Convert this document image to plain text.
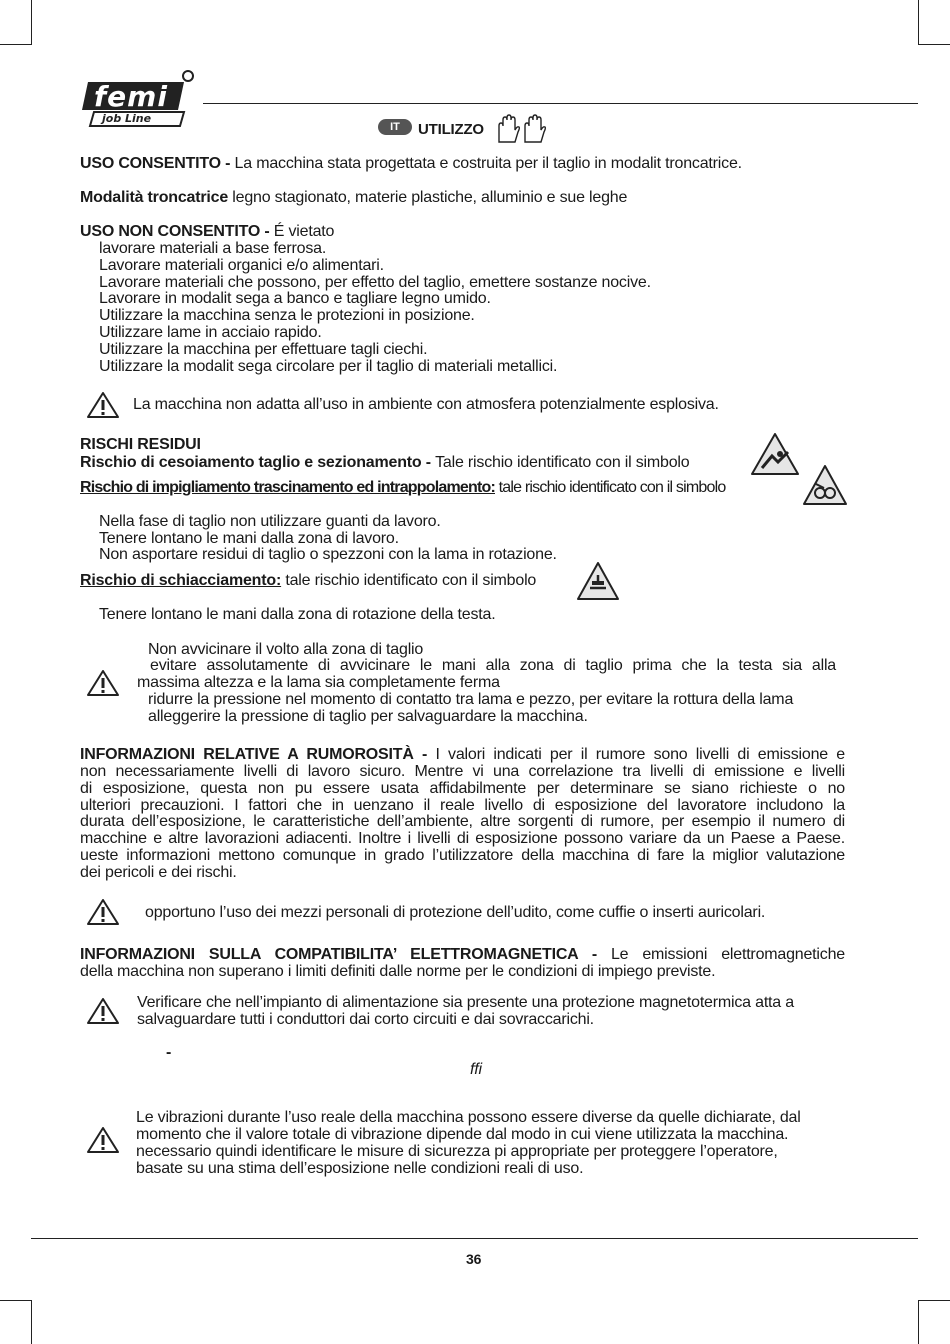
femi
job Line
IT	UTILIZZO
USO CONSENTITO - La macchina stata progettata e costruita per il taglio in modalit troncatrice.
Modalità troncatrice legno stagionato, materie plastiche, alluminio e sue leghe
USO NON CONSENTITO - É vietato
lavorare materiali a base ferrosa.
Lavorare materiali organici e/o alimentari.
Lavorare materiali che possono, per effetto del taglio, emettere sostanze nocive.
Lavorare in modalit sega a banco e tagliare legno umido.
Utilizzare la macchina senza le protezioni in posizione.
Utilizzare lame in acciaio rapido.
Utilizzare la macchina per effettuare tagli ciechi.
Utilizzare la modalit sega circolare per il taglio di materiali metallici.
La macchina non adatta all’uso in ambiente con atmosfera potenzialmente esplosiva.
RISCHI RESIDUI
Rischio di cesoiamento taglio e sezionamento - Tale rischio identificato con il simbolo
Rischio di impigliamento trascinamento ed intrappolamento: tale rischio identificato con il simbolo
Nella fase di taglio non utilizzare guanti da lavoro.
Tenere lontano le mani dalla zona di lavoro.
Non asportare residui di taglio o spezzoni con la lama in rotazione.
Rischio di schiacciamento: tale rischio identificato con il simbolo
Tenere lontano le mani dalla zona di rotazione della testa.
Non avvicinare il volto alla zona di taglio
evitare assolutamente di avvicinare le mani alla zona di taglio prima che la testa sia alla
massima altezza e la lama sia completamente ferma
ridurre la pressione nel momento di contatto tra lama e pezzo, per evitare la rottura della lama
alleggerire la pressione di taglio per salvaguardare la macchina.
INFORMAZIONI RELATIVE A RUMOROSITÀ - I valori indicati per il rumore sono livelli di emissione e
non necessariamente livelli di lavoro sicuro. Mentre vi una correlazione tra livelli di emissione e livelli
di esposizione, questa non pu essere usata affidabilmente per determinare se siano richieste o no
ulteriori precauzioni. I fattori che in uenzano il reale livello di esposizione del lavoratore includono la
durata dell’esposizione, le caratteristiche dell’ambiente, altre sorgenti di rumore, per esempio il numero di
macchine e altre lavorazioni adiacenti. Inoltre i livelli di esposizione possono variare da un Paese a Paese.
ueste informazioni mettono comunque in grado l’utilizzatore della macchina di fare la miglior valutazione
dei pericoli e dei rischi.
opportuno l’uso dei mezzi personali di protezione dell’udito, come cuffie o inserti auricolari.
INFORMAZIONI SULLA COMPATIBILITA’ ELETTROMAGNETICA - Le emissioni elettromagnetiche
della macchina non superano i limiti definiti dalle norme per le condizioni di impiego previste.
Verificare che nell’impianto di alimentazione sia presente una protezione magnetotermica atta a
salvaguardare tutti i conduttori dai corto circuiti e dai sovraccarichi.
-
ffi
Le vibrazioni durante l’uso reale della macchina possono essere diverse da quelle dichiarate, dal
momento che il valore totale di vibrazione dipende dal modo in cui viene utilizzata la macchina.
necessario quindi identificare le misure di sicurezza pi appropriate per proteggere l’operatore,
basate su una stima dell’esposizione nelle condizioni reali di uso.
36
